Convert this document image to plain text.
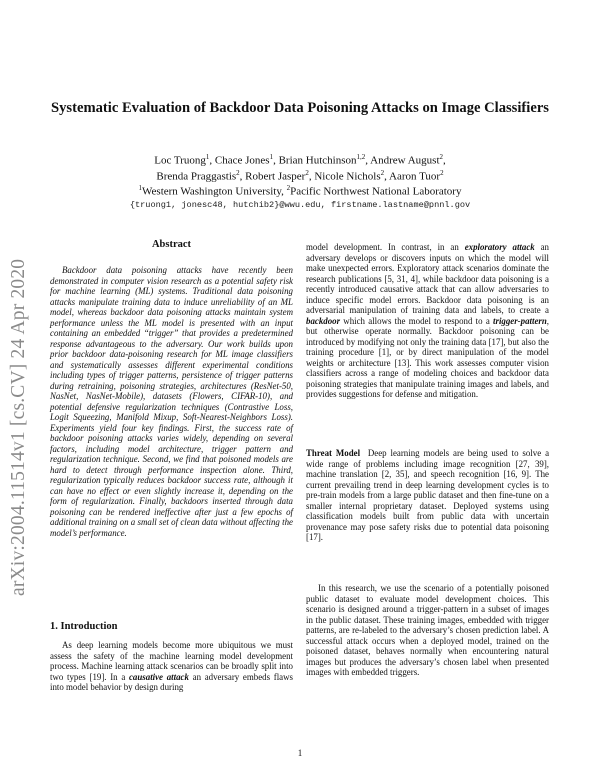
arXiv:2004.11514v1 [cs.CV] 24 Apr 2020
Systematic Evaluation of Backdoor Data Poisoning Attacks on Image Classifiers
Loc Truong$^1$, Chace Jones$^1$, Brian Hutchinson$^{1,2}$, Andrew August$^2$,
Brenda Praggastis$^2$, Robert Jasper$^2$, Nicole Nichols$^2$, Aaron Tuor$^2$
$^1$Western Washington University, $^2$Pacific Northwest National Laboratory
{truong1, jonesc48, hutchib2}@wwu.edu, firstname.lastname@pnnl.gov
Abstract

Backdoor data poisoning attacks have recently been demonstrated in computer vision research as a potential safety risk for machine learning (ML) systems. Traditional data poisoning attacks manipulate training data to induce unreliability of an ML model, whereas backdoor data poisoning attacks maintain system performance unless the ML model is presented with an input containing an embedded “trigger” that provides a predetermined response advantageous to the adversary. Our work builds upon prior backdoor data-poisoning research for ML image classifiers and systematically assesses different experimental conditions including types of trigger patterns, persistence of trigger patterns during retraining, poisoning strategies, architectures (ResNet-50, NasNet, NasNet-Mobile), datasets (Flowers, CIFAR-10), and potential defensive regularization techniques (Contrastive Loss, Logit Squeezing, Manifold Mixup, Soft-Nearest-Neighbors Loss). Experiments yield four key findings. First, the success rate of backdoor poisoning attacks varies widely, depending on several factors, including model architecture, trigger pattern and regularization technique. Second, we find that poisoned models are hard to detect through performance inspection alone. Third, regularization typically reduces backdoor success rate, although it can have no effect or even slightly increase it, depending on the form of regularization. Finally, backdoors inserted through data poisoning can be rendered ineffective after just a few epochs of additional training on a small set of clean data without affecting the model’s performance.

1. Introduction

As deep learning models become more ubiquitous we must assess the safety of the machine learning model development process. Machine learning attack scenarios can be broadly split into two types [19]. In a causative attack an adversary embeds flaws into model behavior by design during

model development. In contrast, in an exploratory attack an adversary develops or discovers inputs on which the model will make unexpected errors. Exploratory attack scenarios dominate the research publications [5, 31, 4], while backdoor data poisoning is a recently introduced causative attack that can allow adversaries to induce specific model errors. Backdoor data poisoning is an adversarial manipulation of training data and labels, to create a backdoor which allows the model to respond to a trigger-pattern, but otherwise operate normally. Backdoor poisoning can be introduced by modifying not only the training data [17], but also the training procedure [1], or by direct manipulation of the model weights or architecture [13]. This work assesses computer vision classifiers across a range of modeling choices and backdoor data poisoning strategies that manipulate training images and labels, and provides suggestions for defense and mitigation.

Threat Model Deep learning models are being used to solve a wide range of problems including image recognition [27, 39], machine translation [2, 35], and speech recognition [16, 9]. The current prevailing trend in deep learning development cycles is to pre-train models from a large public dataset and then fine-tune on a smaller internal proprietary dataset. Deployed systems using classification models built from public data with uncertain provenance may pose safety risks due to potential data poisoning [17].

In this research, we use the scenario of a potentially poisoned public dataset to evaluate model development choices. This scenario is designed around a trigger-pattern in a subset of images in the public dataset. These training images, embedded with trigger patterns, are re-labeled to the adversary’s chosen prediction label. A successful attack occurs when a deployed model, trained on the poisoned dataset, behaves normally when encountering natural images but produces the adversary’s chosen label when presented images with embedded triggers.

1
